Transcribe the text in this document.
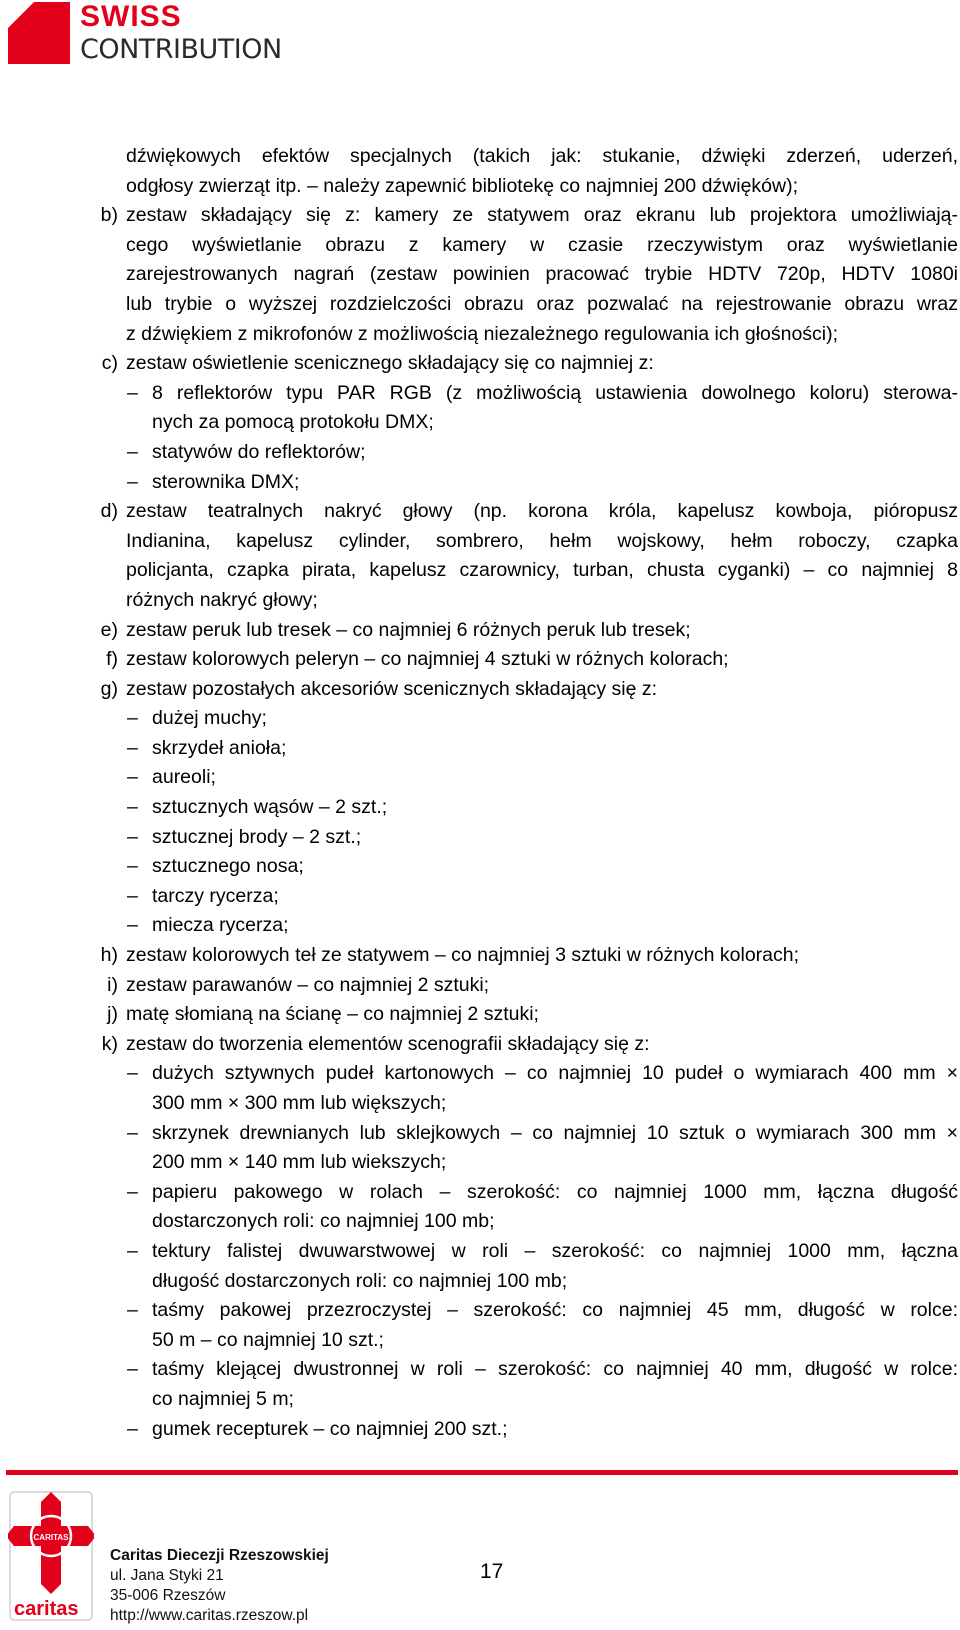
SWISS
CONTRIBUTION
dźwiękowych efektów specjalnych (takich jak: stukanie, dźwięki zderzeń, uderzeń,
odgłosy zwierząt itp. – należy zapewnić bibliotekę co najmniej 200 dźwięków);
b) zestaw składający się z: kamery ze statywem oraz ekranu lub projektora umożliwiają-
cego wyświetlanie obrazu z kamery w czasie rzeczywistym oraz wyświetlanie
zarejestrowanych nagrań (zestaw powinien pracować trybie HDTV 720p, HDTV 1080i
lub trybie o wyższej rozdzielczości obrazu oraz pozwalać na rejestrowanie obrazu wraz
z dźwiękiem z mikrofonów z możliwością niezależnego regulowania ich głośności);
c) zestaw oświetlenie scenicznego składający się co najmniej z:
– 8 reflektorów typu PAR RGB (z możliwością ustawienia dowolnego koloru) sterowa-
nych za pomocą protokołu DMX;
– statywów do reflektorów;
– sterownika DMX;
d) zestaw teatralnych nakryć głowy (np. korona króla, kapelusz kowboja, pióropusz
Indianina, kapelusz cylinder, sombrero, hełm wojskowy, hełm roboczy, czapka
policjanta, czapka pirata, kapelusz czarownicy, turban, chusta cyganki) – co najmniej 8
różnych nakryć głowy;
e) zestaw peruk lub tresek – co najmniej 6 różnych peruk lub tresek;
f) zestaw kolorowych peleryn – co najmniej 4 sztuki w różnych kolorach;
g) zestaw pozostałych akcesoriów scenicznych składający się z:
– dużej muchy;
– skrzydeł anioła;
– aureoli;
– sztucznych wąsów – 2 szt.;
– sztucznej brody – 2 szt.;
– sztucznego nosa;
– tarczy rycerza;
– miecza rycerza;
h) zestaw kolorowych teł ze statywem – co najmniej 3 sztuki w różnych kolorach;
i) zestaw parawanów – co najmniej 2 sztuki;
j) matę słomianą na ścianę – co najmniej 2 sztuki;
k) zestaw do tworzenia elementów scenografii składający się z:
– dużych sztywnych pudeł kartonowych – co najmniej 10 pudeł o wymiarach 400 mm ×
300 mm × 300 mm lub większych;
– skrzynek drewnianych lub sklejkowych – co najmniej 10 sztuk o wymiarach 300 mm ×
200 mm × 140 mm lub wiekszych;
– papieru pakowego w rolach – szerokość: co najmniej 1000 mm, łączna długość
dostarczonych roli: co najmniej 100 mb;
– tektury falistej dwuwarstwowej w roli – szerokość: co najmniej 1000 mm, łączna
długość dostarczonych roli: co najmniej 100 mb;
– taśmy pakowej przezroczystej – szerokość: co najmniej 45 mm, długość w rolce:
50 m – co najmniej 10 szt.;
– taśmy klejącej dwustronnej w roli – szerokość: co najmniej 40 mm, długość w rolce:
co najmniej 5 m;
– gumek recepturek – co najmniej 200 szt.;
CARITAS
caritas
Caritas Diecezji Rzeszowskiej
ul. Jana Styki 21
35-006 Rzeszów
http://www.caritas.rzeszow.pl
17
